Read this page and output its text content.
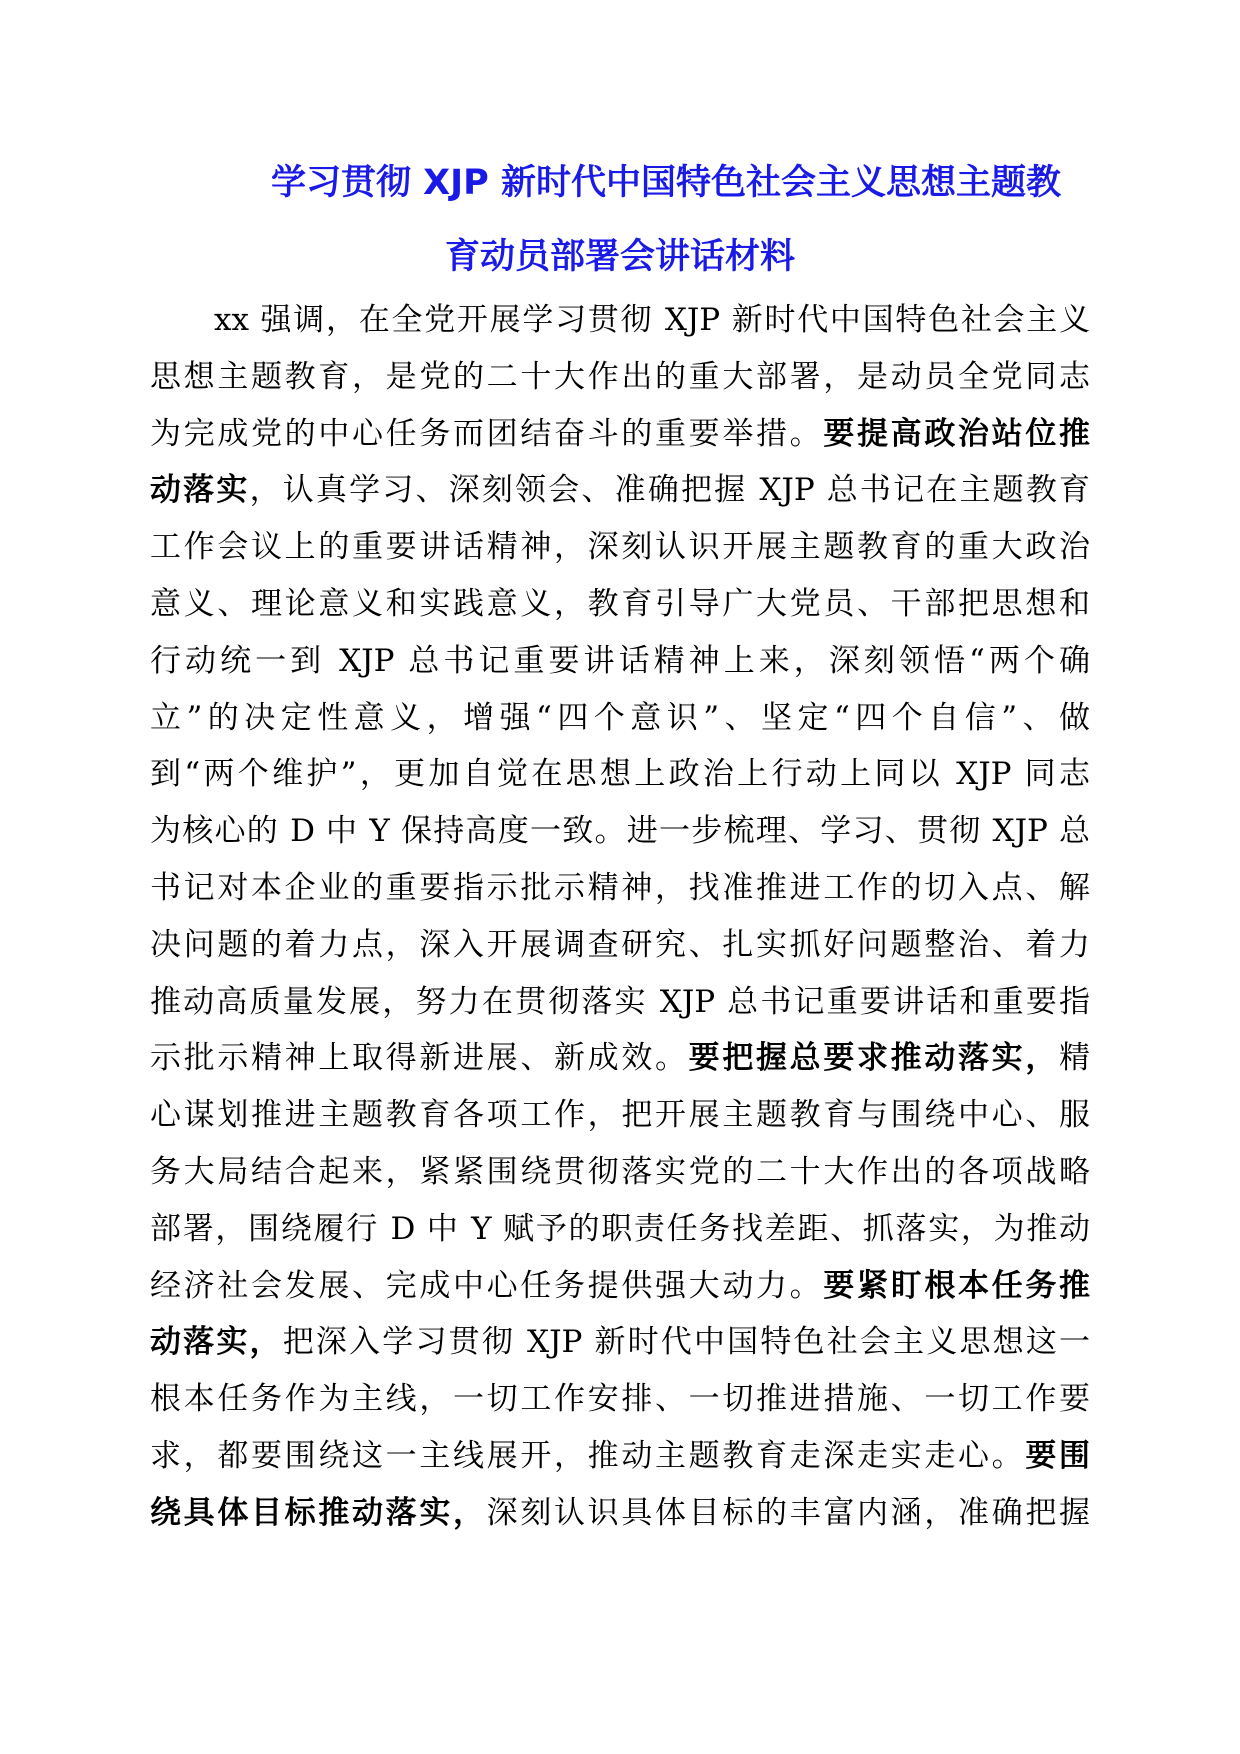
学习贯彻 XJP 新时代中国特色社会主义思想主题教
育动员部署会讲话材料
xx 强调，在全党开展学习贯彻 XJP 新时代中国特色社会主义
思想主题教育，是党的二十大作出的重大部署，是动员全党同志
为完成党的中心任务而团结奋斗的重要举措。要提高政治站位推
动落实，认真学习、深刻领会、准确把握 XJP 总书记在主题教育
工作会议上的重要讲话精神，深刻认识开展主题教育的重大政治
意义、理论意义和实践意义，教育引导广大党员、干部把思想和
行动统一到 XJP 总书记重要讲话精神上来，深刻领悟“两个确
立”的决定性意义，增强“四个意识”、坚定“四个自信”、做
到“两个维护”，更加自觉在思想上政治上行动上同以 XJP 同志
为核心的 D 中 Y 保持高度一致。进一步梳理、学习、贯彻 XJP 总
书记对本企业的重要指示批示精神，找准推进工作的切入点、解
决问题的着力点，深入开展调查研究、扎实抓好问题整治、着力
推动高质量发展，努力在贯彻落实 XJP 总书记重要讲话和重要指
示批示精神上取得新进展、新成效。要把握总要求推动落实，精
心谋划推进主题教育各项工作，把开展主题教育与围绕中心、服
务大局结合起来，紧紧围绕贯彻落实党的二十大作出的各项战略
部署，围绕履行 D 中 Y 赋予的职责任务找差距、抓落实，为推动
经济社会发展、完成中心任务提供强大动力。要紧盯根本任务推
动落实，把深入学习贯彻 XJP 新时代中国特色社会主义思想这一
根本任务作为主线，一切工作安排、一切推进措施、一切工作要
求，都要围绕这一主线展开，推动主题教育走深走实走心。要围
绕具体目标推动落实，深刻认识具体目标的丰富内涵，准确把握
